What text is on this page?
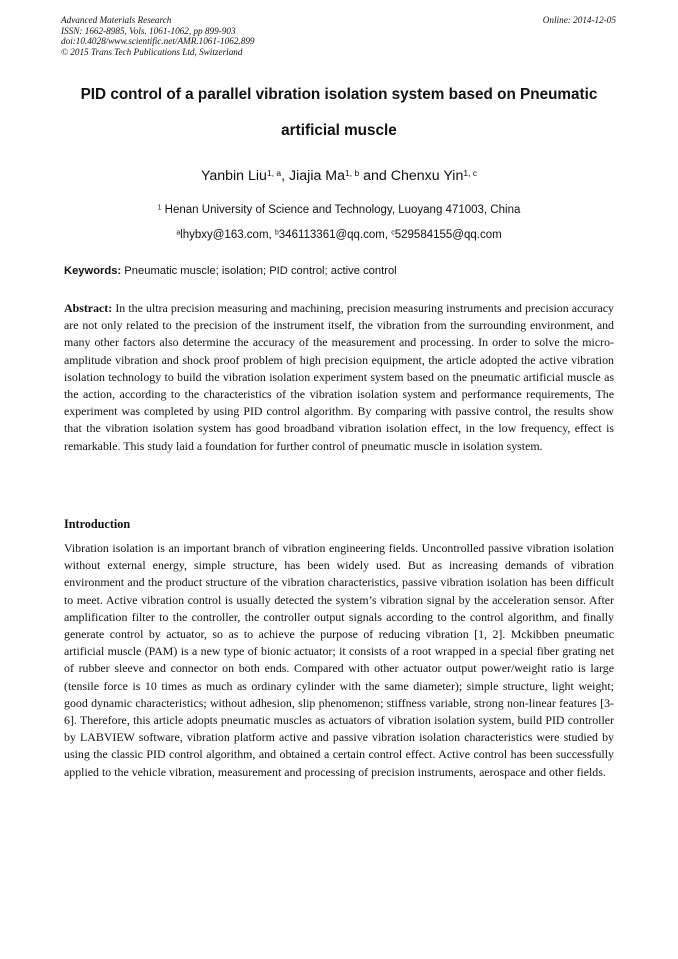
Advanced Materials Research
ISSN: 1662-8985, Vols. 1061-1062, pp 899-903
doi:10.4028/www.scientific.net/AMR.1061-1062.899
© 2015 Trans Tech Publications Ltd, Switzerland
Online: 2014-12-05
PID control of a parallel vibration isolation system based on Pneumatic
artificial muscle
Yanbin Liu$^{1, a}$, Jiajia Ma$^{1, b}$ and Chenxu Yin$^{1, c}$
$^1$ Henan University of Science and Technology, Luoyang 471003, China
$^a$lhybxy@163.com, $^b$346113361@qq.com, $^c$529584155@qq.com
Keywords: Pneumatic muscle; isolation; PID control; active control
Abstract: In the ultra precision measuring and machining, precision measuring instruments and precision accuracy are not only related to the precision of the instrument itself, the vibration from the surrounding environment, and many other factors also determine the accuracy of the measurement and processing. In order to solve the micro-amplitude vibration and shock proof problem of high precision equipment, the article adopted the active vibration isolation technology to build the vibration isolation experiment system based on the pneumatic artificial muscle as the action, according to the characteristics of the vibration isolation system and performance requirements, The experiment was completed by using PID control algorithm. By comparing with passive control, the results show that the vibration isolation system has good broadband vibration isolation effect, in the low frequency, effect is remarkable. This study laid a foundation for further control of pneumatic muscle in isolation system.
Introduction
Vibration isolation is an important branch of vibration engineering fields. Uncontrolled passive vibration isolation without external energy, simple structure, has been widely used. But as increasing demands of vibration environment and the product structure of the vibration characteristics, passive vibration isolation has been difficult to meet. Active vibration control is usually detected the system’s vibration signal by the acceleration sensor. After amplification filter to the controller, the controller output signals according to the control algorithm, and finally generate control by actuator, so as to achieve the purpose of reducing vibration [1, 2]. Mckibben pneumatic artificial muscle (PAM) is a new type of bionic actuator; it consists of a root wrapped in a special fiber grating net of rubber sleeve and connector on both ends. Compared with other actuator output power/weight ratio is large (tensile force is 10 times as much as ordinary cylinder with the same diameter); simple structure, light weight; good dynamic characteristics; without adhesion, slip phenomenon; stiffness variable, strong non-linear features [3-6]. Therefore, this article adopts pneumatic muscles as actuators of vibration isolation system, build PID controller by LABVIEW software, vibration platform active and passive vibration isolation characteristics were studied by using the classic PID control algorithm, and obtained a certain control effect. Active control has been successfully applied to the vehicle vibration, measurement and processing of precision instruments, aerospace and other fields.
